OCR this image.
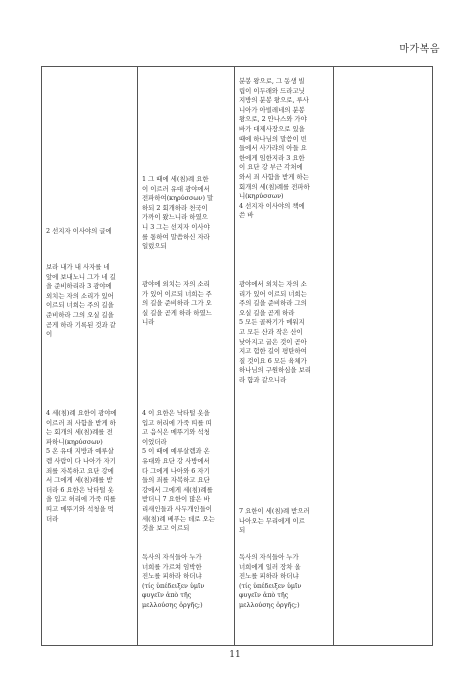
마가복음
2 선지자 이사야의 글에
보라 내가 내 사자를 네
앞에 보내노니 그가 네 길
을 준비하리라 3 광야에
외치는 자의 소리가 있어
이르되 너희는 주의 길을
준비하라 그의 오실 길을
곧게 하라 기록된 것과 같
이
4 세(침)례 요한이 광야에
이르러 죄 사함을 받게 하
는 회개의 세(침)례를 전
파하니(κηρύσσων)
5 온 유대 지방과 예루살
렘 사람이 다 나아가 자기
죄를 자복하고 요단 강에
서 그에게 세(침)례를 받
더라 6 요한은 낙타털 옷
을 입고 허리에 가죽 띠를
띠고 메뚜기와 석청을 먹
더라
1 그 때에 세(침)례 요한
이 이르러 유대 광야에서
전파하여(κηρύσσων) 말
하되 2 회개하라 천국이
가까이 왔느니라 하였으
니 3 그는 선지자 이사야
를 통하여 말씀하신 자라
일렀으되
광야에 외치는 자의 소리
가 있어 이르되 너희는 주
의 길을 준비하라 그가 오
실 길을 곧게 하라 하였느
니라
4 이 요한은 낙타털 옷을
입고 허리에 가죽 띠를 띠
고 음식은 메뚜기와 석청
이었더라
5 이 때에 예루살렘과 온
유대와 요단 강 사방에서
다 그에게 나아와 6 자기
들의 죄를 자복하고 요단
강에서 그에게 세(침)례를
받더니 7 요한이 많은 바
리새인들과 사두개인들이
세(침)례 베푸는 데로 오는
것을 보고 이르되
독사의 자식들아 누가
너희를 가르쳐 임박한
진노를 피하라 하더냐
(τίς ὑπέδειξεν ὑμῖν
φυγεῖν ἀπὸ τῆς
μελλούσης ὀργῆς;)
분봉 왕으로, 그 동생 빌
립이 이두래와 드라고닛
지방의 분봉 왕으로, 루사
니아가 아빌레네의 분봉
왕으로, 2 안나스와 가야
바가 대제사장으로 있을
때에 하나님의 말씀이 빈
들에서 사가랴의 아들 요
한에게 임한지라 3 요한
이 요단 강 부근 각처에
와서 죄 사함을 받게 하는
회개의 세(침)례를 전파하
니(κηρύσσων)
4 선지자 이사야의 책에
쓴 바
광야에서 외치는 자의 소
리가 있어 이르되 너희는
주의 길을 준비하라 그의
오실 길을 곧게 하라
5 모든 골짜기가 메워지
고 모든 산과 작은 산이
낮아지고 굽은 것이 곧아
지고 험한 길이 평탄하여
질 것이요 6 모든 육체가
하나님의 구원하심을 보리
라 함과 같으니라
7 요한이 세(침)례 받으러
나아오는 무리에게 이르
되
독사의 자식들아 누가
너희에게 일러 장차 올
진노를 피하라 하더냐
(τίς ὑπέδειξεν ὑμῖν
φυγεῖν ἀπὸ τῆς
μελλούσης ὀργῆς;)
11
